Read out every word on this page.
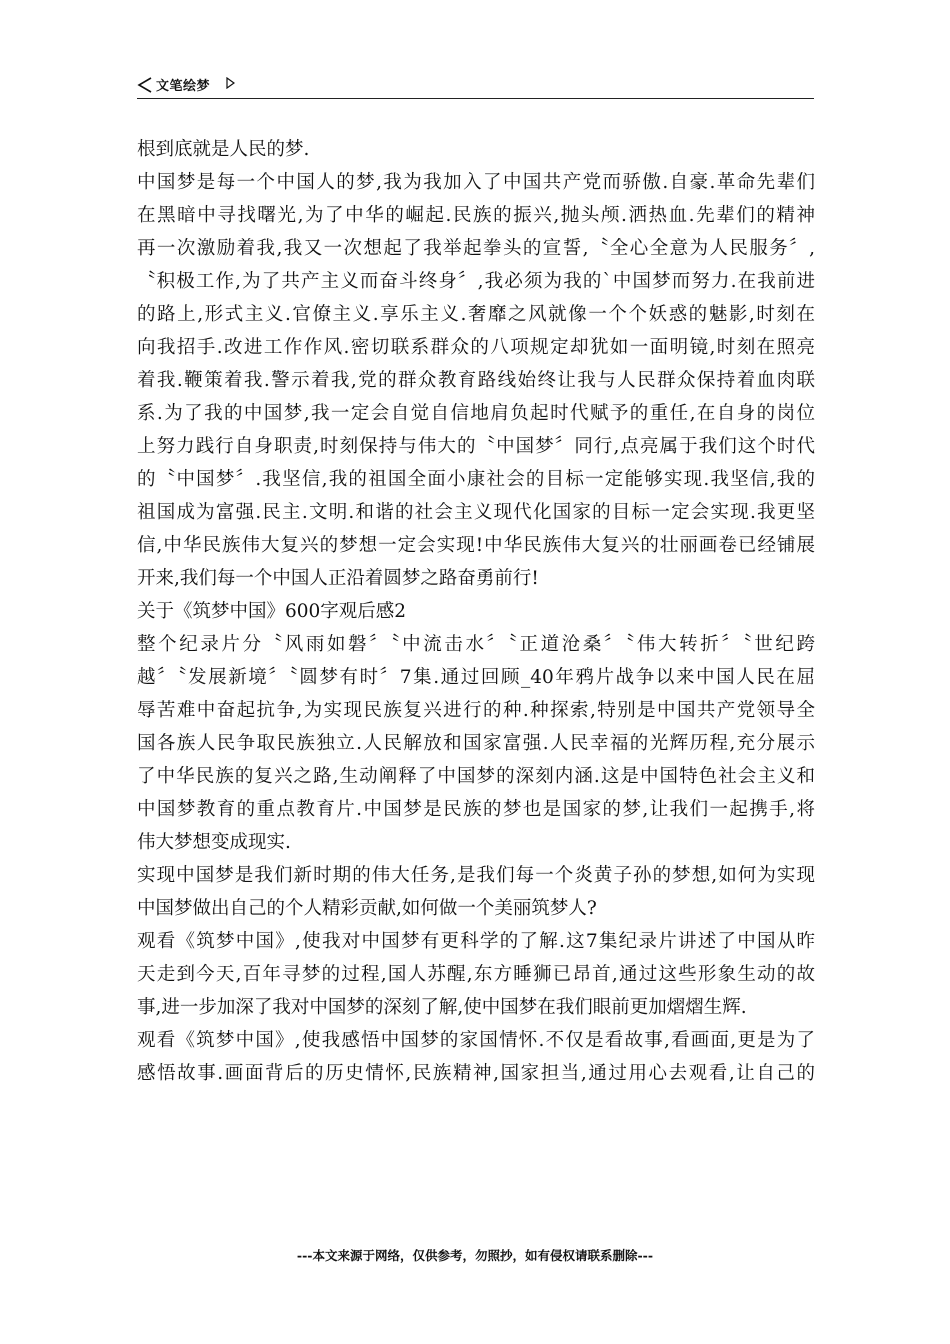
文笔绘梦
根到底就是人民的梦.
中国梦是每一个中国人的梦,我为我加入了中国共产党而骄傲.自豪.革命先辈们
在黑暗中寻找曙光,为了中华的崛起.民族的振兴,抛头颅.洒热血.先辈们的精神
再一次激励着我,我又一次想起了我举起拳头的宣誓,〝全心全意为人民服务〞,
〝积极工作,为了共产主义而奋斗终身〞,我必须为我的`中国梦而努力.在我前进
的路上,形式主义.官僚主义.享乐主义.奢靡之风就像一个个妖惑的魅影,时刻在
向我招手.改进工作作风.密切联系群众的八项规定却犹如一面明镜,时刻在照亮
着我.鞭策着我.警示着我,党的群众教育路线始终让我与人民群众保持着血肉联
系.为了我的中国梦,我一定会自觉自信地肩负起时代赋予的重任,在自身的岗位
上努力践行自身职责,时刻保持与伟大的〝中国梦〞同行,点亮属于我们这个时代
的〝中国梦〞.我坚信,我的祖国全面小康社会的目标一定能够实现.我坚信,我的
祖国成为富强.民主.文明.和谐的社会主义现代化国家的目标一定会实现.我更坚
信,中华民族伟大复兴的梦想一定会实现!中华民族伟大复兴的壮丽画卷已经铺展
开来,我们每一个中国人正沿着圆梦之路奋勇前行!
关于《筑梦中国》600字观后感2
整个纪录片分〝风雨如磐〞〝中流击水〞〝正道沧桑〞〝伟大转折〞〝世纪跨
越〞〝发展新境〞〝圆梦有时〞7集.通过回顾_40年鸦片战争以来中国人民在屈
辱苦难中奋起抗争,为实现民族复兴进行的种.种探索,特别是中国共产党领导全
国各族人民争取民族独立.人民解放和国家富强.人民幸福的光辉历程,充分展示
了中华民族的复兴之路,生动阐释了中国梦的深刻内涵.这是中国特色社会主义和
中国梦教育的重点教育片.中国梦是民族的梦也是国家的梦,让我们一起携手,将
伟大梦想变成现实.
实现中国梦是我们新时期的伟大任务,是我们每一个炎黄子孙的梦想,如何为实现
中国梦做出自己的个人精彩贡献,如何做一个美丽筑梦人?
观看《筑梦中国》,使我对中国梦有更科学的了解.这7集纪录片讲述了中国从昨
天走到今天,百年寻梦的过程,国人苏醒,东方睡狮已昂首,通过这些形象生动的故
事,进一步加深了我对中国梦的深刻了解,使中国梦在我们眼前更加熠熠生辉.
观看《筑梦中国》,使我感悟中国梦的家国情怀.不仅是看故事,看画面,更是为了
感悟故事.画面背后的历史情怀,民族精神,国家担当,通过用心去观看,让自己的
---本文来源于网络，仅供参考，勿照抄，如有侵权请联系删除---
